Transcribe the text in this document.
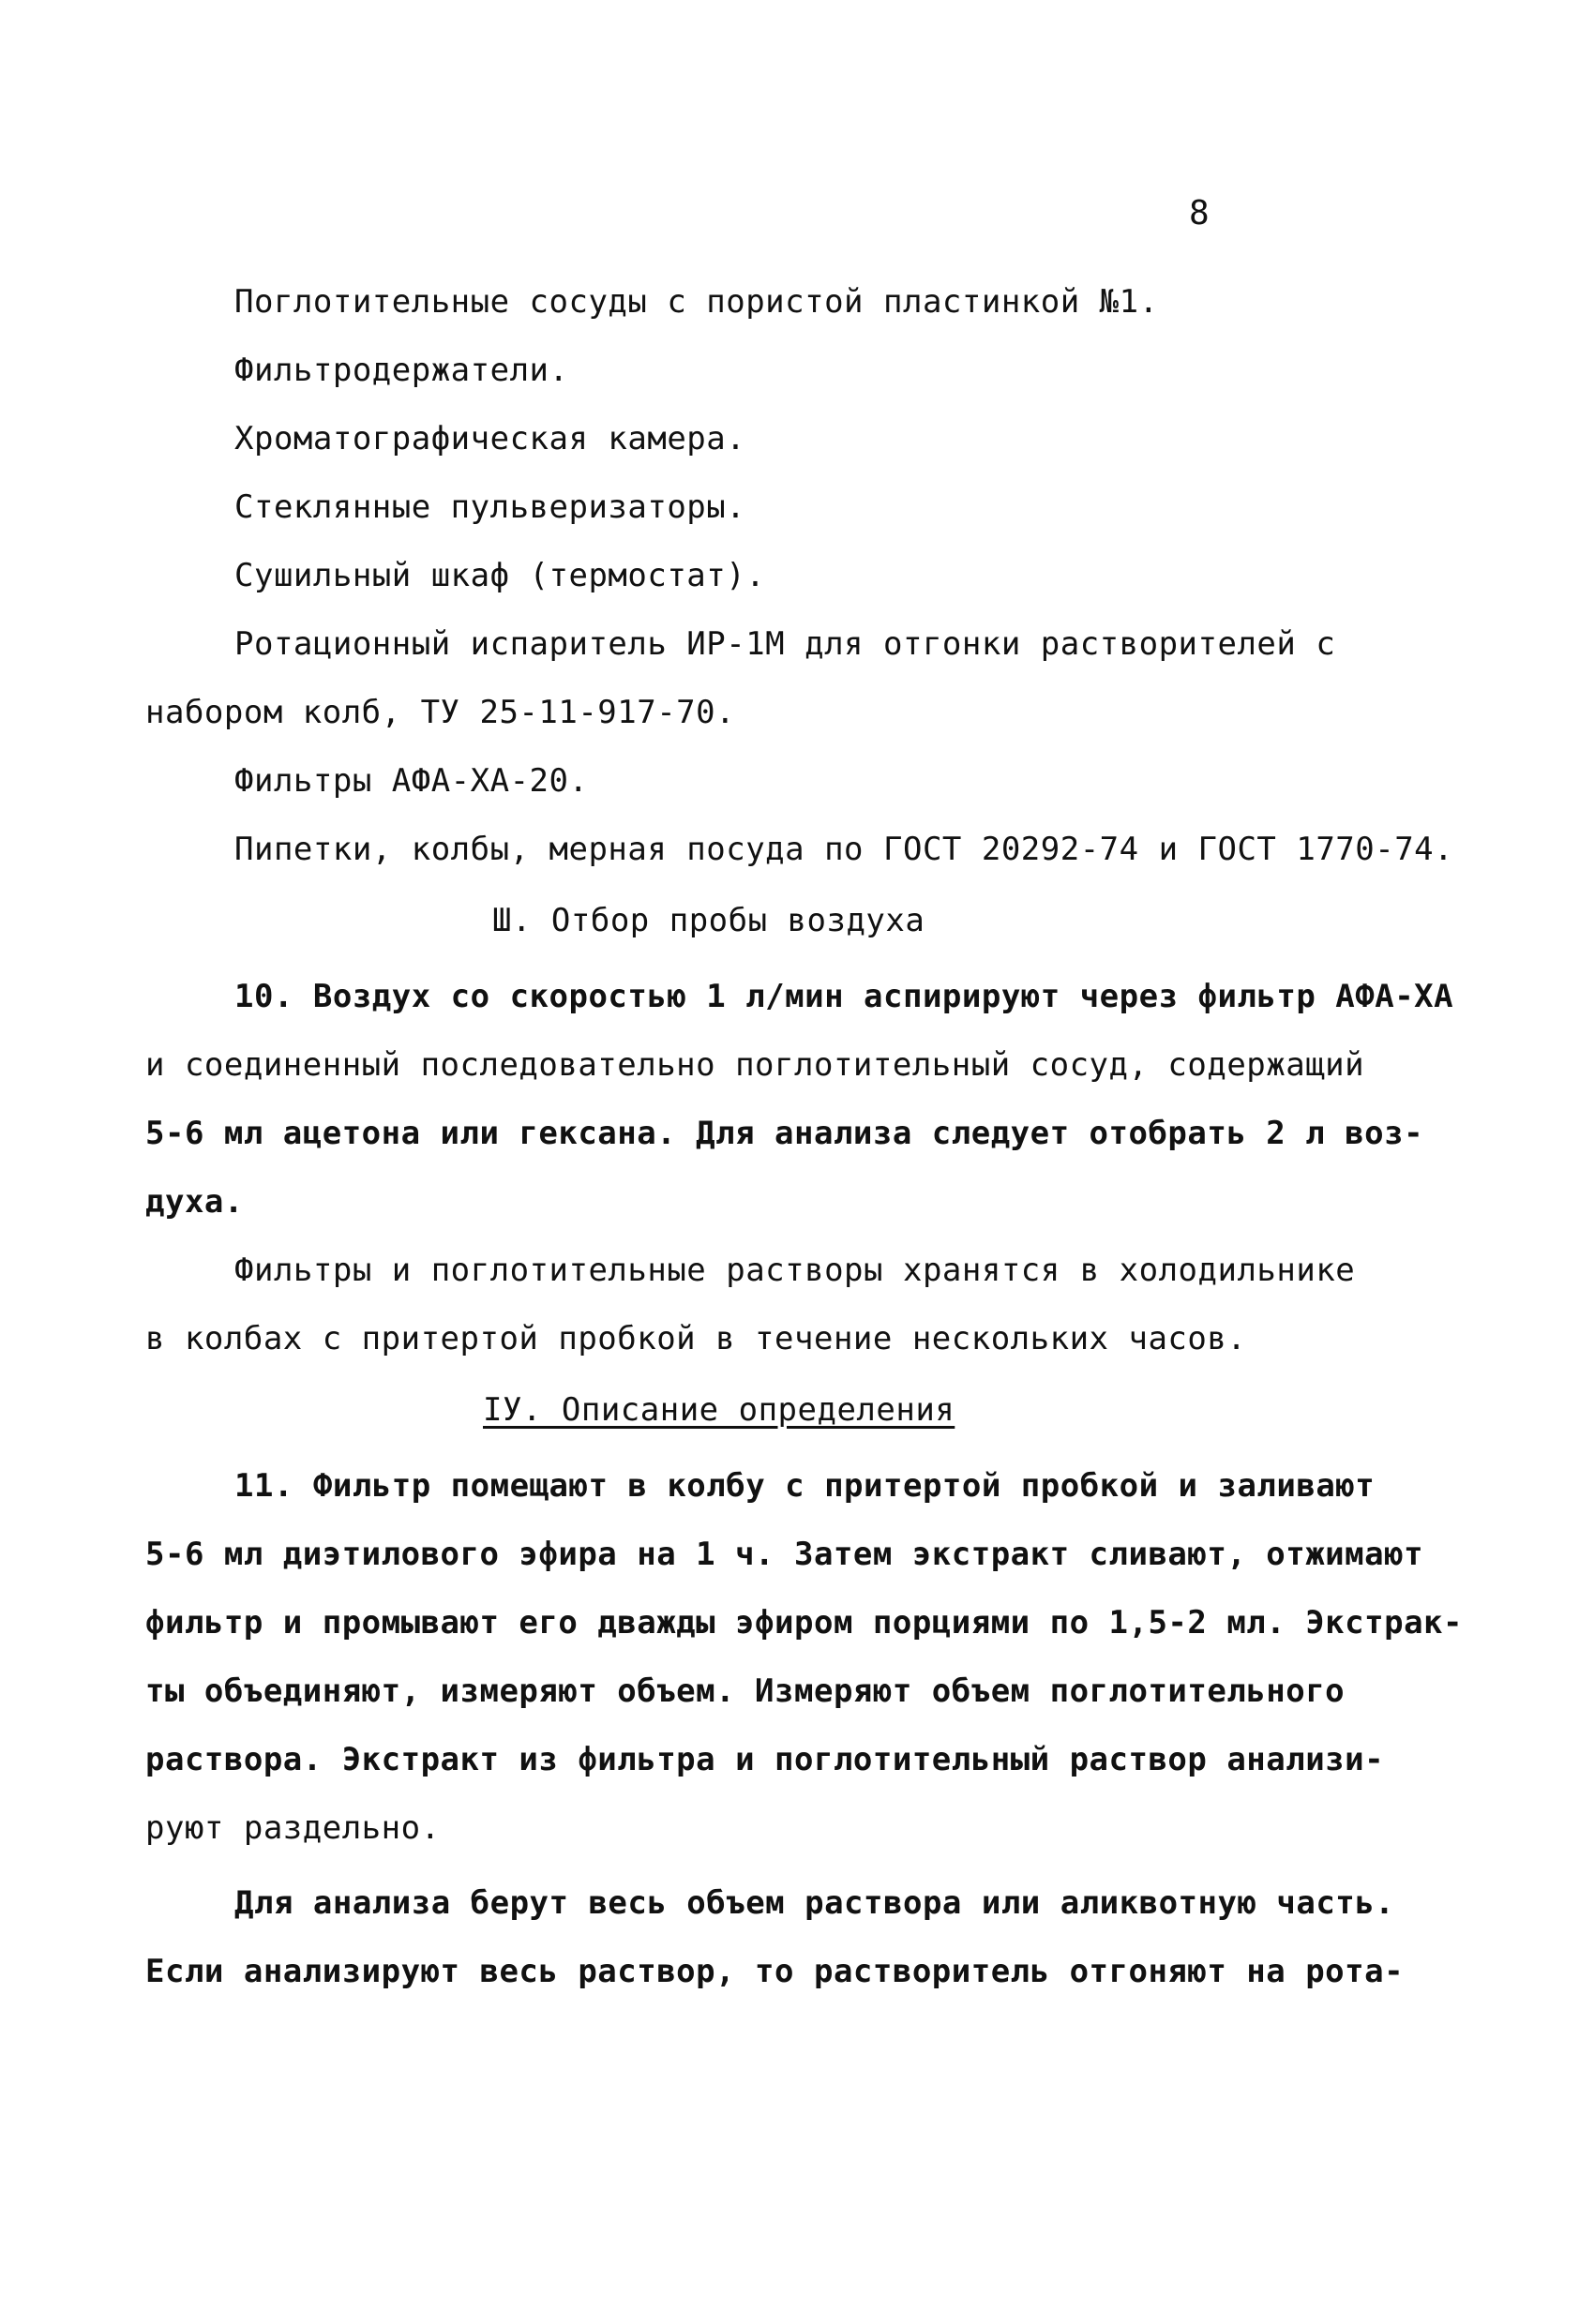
8
Поглотительные сосуды с пористой пластинкой №1.
Фильтродержатели.
Хроматографическая камера.
Стеклянные пульверизаторы.
Сушильный шкаф (термостат).
Ротационный испаритель ИР-1М для отгонки растворителей с
набором колб, ТУ 25-11-917-70.
Фильтры АФА-ХА-20.
Пипетки, колбы, мерная посуда по ГОСТ 20292-74 и ГОСТ 1770-74.
Ш. Отбор пробы воздуха
10. Воздух со скоростью 1 л/мин аспирируют через фильтр АФА-ХА
и соединенный последовательно поглотительный сосуд, содержащий
5-6 мл ацетона или гексана. Для анализа следует отобрать 2 л воз-
духа.
Фильтры и поглотительные растворы хранятся в холодильнике
в колбах с притертой пробкой в течение нескольких часов.
IУ. Описание определения
11. Фильтр помещают в колбу с притертой пробкой и заливают
5-6 мл диэтилового эфира на 1 ч. Затем экстракт сливают, отжимают
фильтр и промывают его дважды эфиром порциями по 1,5-2 мл. Экстрак-
ты объединяют, измеряют объем. Измеряют объем поглотительного
раствора. Экстракт из фильтра и поглотительный раствор анализи-
руют раздельно.
Для анализа берут весь объем раствора или аликвотную часть.
Если анализируют весь раствор, то растворитель отгоняют на рота-
